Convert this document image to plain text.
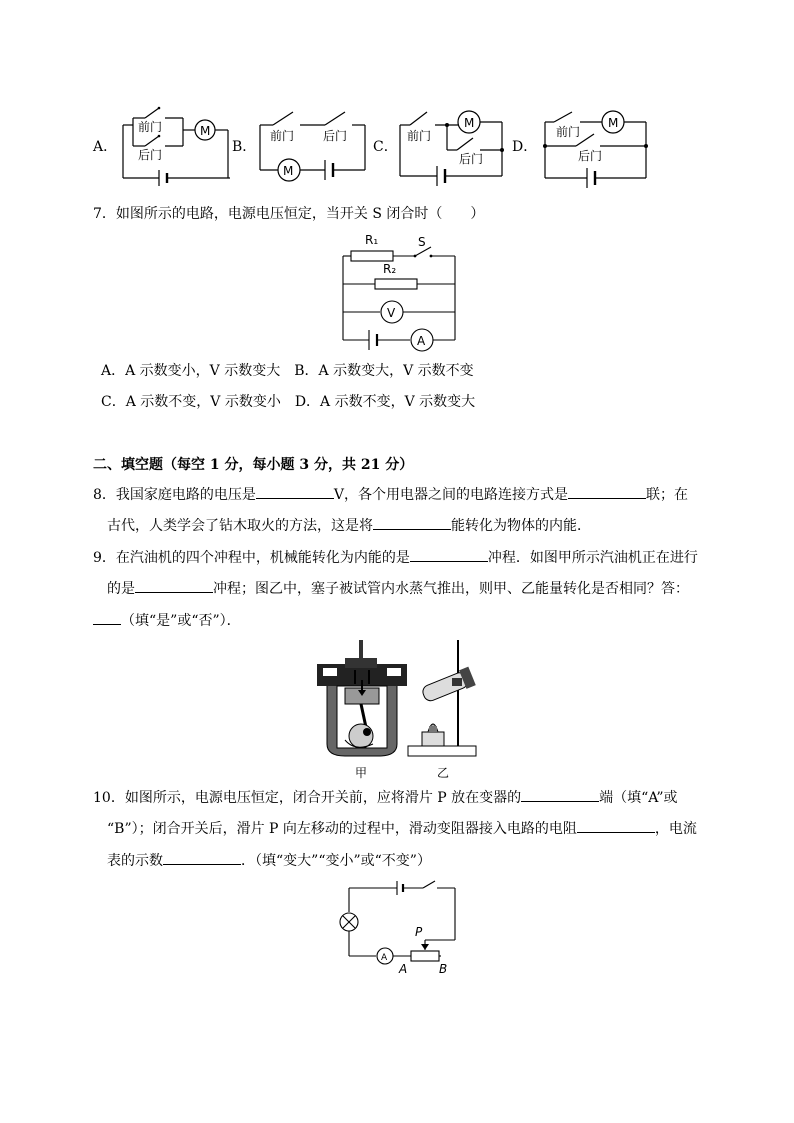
A．	B．	C．	D．
前门
后门
M	前门 后门
M
前门
后门
M
前门
后门
M
7．如图所示的电路，电源电压恒定，当开关 S 闭合时（　　）
R₁	S
R₂
V
A
A．A 示数变小，V 示数变大　B．A 示数变大，V 示数不变
C．A 示数不变，V 示数变小　D．A 示数不变，V 示数变大
二、填空题（每空 1 分，每小题 3 分，共 21 分）
8．我国家庭电路的电压是	V，各个用电器之间的电路连接方式是	联；在
古代，人类学会了钻木取火的方法，这是将	能转化为物体的内能．
9．在汽油机的四个冲程中，机械能转化为内能的是	冲程．如图甲所示汽油机正在进行
的是	冲程；图乙中，塞子被试管内水蒸气推出，则甲、乙能量转化是否相同？答：
（填“是”或“否”）．
甲	乙
10．如图所示，电源电压恒定，闭合开关前，应将滑片 P 放在变器的	端（填“A”或
“B”）；闭合开关后，滑片 P 向左移动的过程中，滑动变阻器接入电路的电阻	，电流
表的示数	．（填“变大”“变小”或“不变”）
A
P
A	B
